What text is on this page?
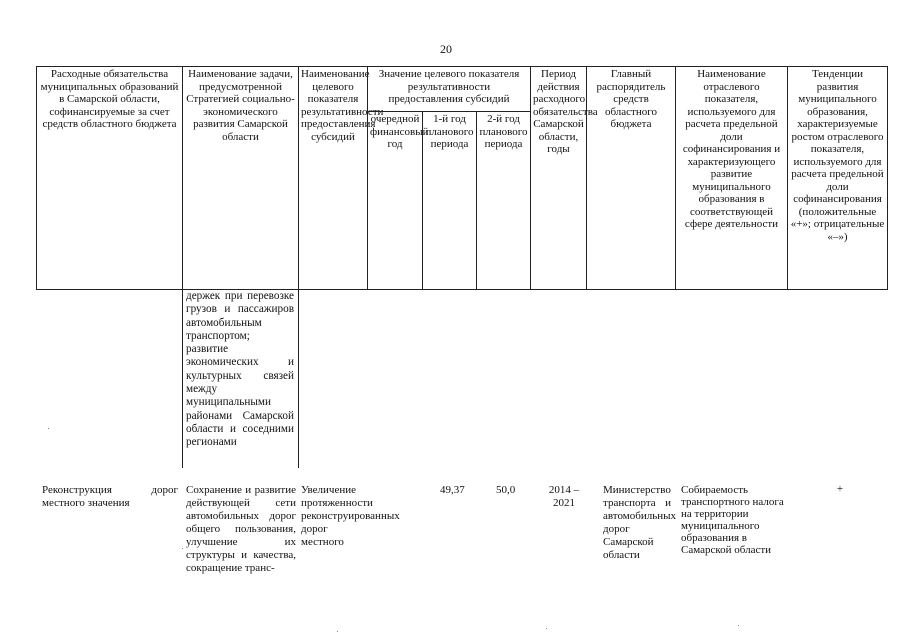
20
Расходные обязательства муниципальных образований в Самарской области, софинансируемые за счет средств областного бюджета
Наименование задачи, предусмотренной Стратегией социально-экономического развития Самарской области
Наименование целевого показателя результативности предоставления субсидий
Значение целевого показателя результативности предоставления субсидий
очередной финансовый год
1-й год планового периода
2-й год планового периода
Период действия расходного обязательства Самарской области, годы
Главный распорядитель средств областного бюджета
Наименование отраслевого показателя, используемого для расчета предельной доли софинансирования и характеризующего развитие муниципального образования в соответствующей сфере деятельности
Тенденции развития муниципального образования, характеризуемые ростом отраслевого показателя, используемого для расчета предельной доли софинансирования (положительные «+»; отрицательные «–»)
держек при перевозке грузов и пассажиров автомобильным транспортом; развитие экономических и культурных связей между муниципальными районами Самарской области и соседними регионами
Реконструкция дорог местного значения
Сохранение и развитие действующей сети автомобильных дорог общего пользования, улучшение их структуры и качества, сокращение транс-
Увеличение протяженности реконструированных дорог местного
49,37	50,0	2014 – 2021
Министерство транспорта и автомобильных дорог Самарской области
Собираемость транспортного налога на территории муниципального образования в Самарской области
+
